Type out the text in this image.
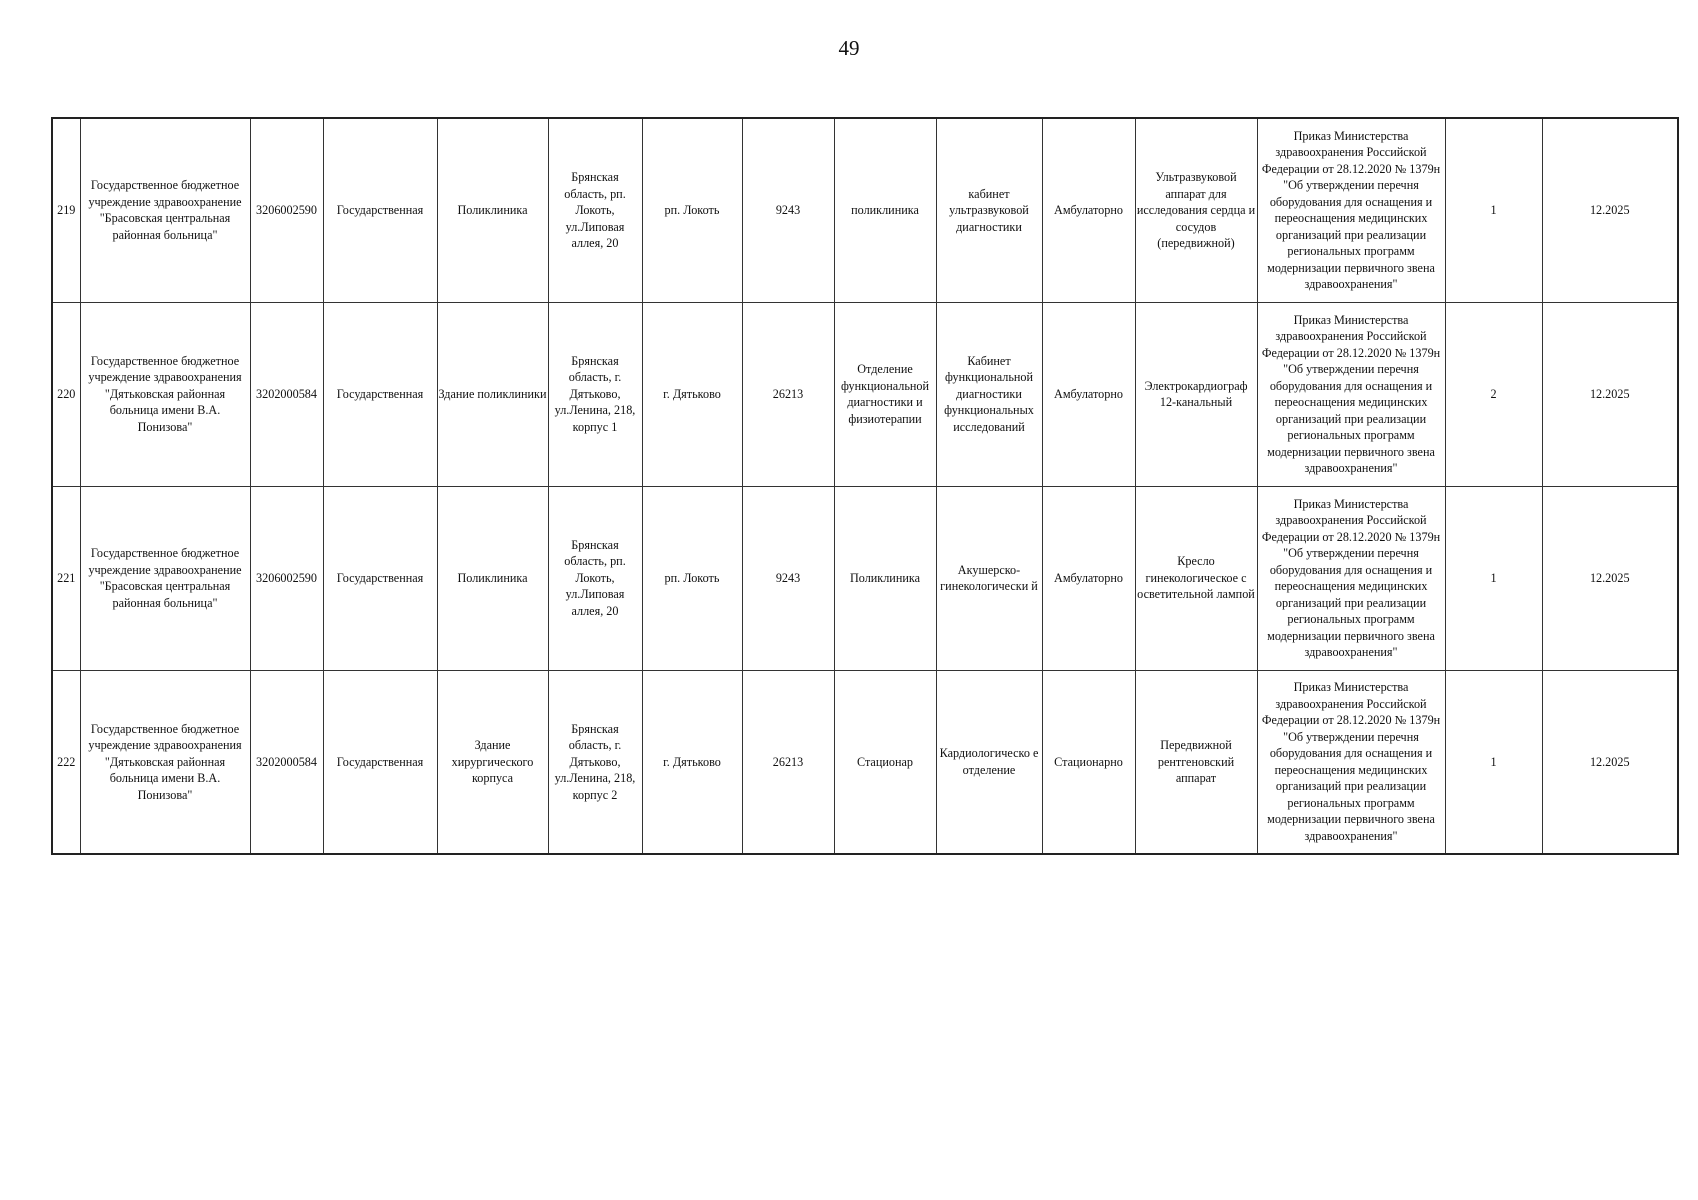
49
219	Государственное бюджетное учреждение здравоохранение "Брасовская центральная районная больница"	3206002590	Государственная	Поликлиника	Брянская область, рп. Локоть, ул.Липовая аллея, 20	рп. Локоть	9243	поликлиника	кабинет ультразвуковой диагностики	Амбулаторно	Ультразвуковой аппарат для исследования сердца и сосудов (передвижной)	Приказ Министерства здравоохранения Российской Федерации от 28.12.2020 № 1379н "Об утверждении перечня оборудования для оснащения и переоснащения медицинских организаций при реализации региональных программ модернизации первичного звена здравоохранения"	1	12.2025
220	Государственное бюджетное учреждение здравоохранения "Дятьковская районная больница имени В.А. Понизова"	3202000584	Государственная	Здание поликлиники	Брянская область, г. Дятьково, ул.Ленина, 218, корпус 1	г. Дятьково	26213	Отделение функциональной диагностики и физиотерапии	Кабинет функциональной диагностики функциональных исследований	Амбулаторно	Электрокардиограф 12-канальный	Приказ Министерства здравоохранения Российской Федерации от 28.12.2020 № 1379н "Об утверждении перечня оборудования для оснащения и переоснащения медицинских организаций при реализации региональных программ модернизации первичного звена здравоохранения"	2	12.2025
221	Государственное бюджетное учреждение здравоохранение "Брасовская центральная районная больница"	3206002590	Государственная	Поликлиника	Брянская область, рп. Локоть, ул.Липовая аллея, 20	рп. Локоть	9243	Поликлиника	Акушерско-гинекологически й	Амбулаторно	Кресло гинекологическое с осветительной лампой	Приказ Министерства здравоохранения Российской Федерации от 28.12.2020 № 1379н "Об утверждении перечня оборудования для оснащения и переоснащения медицинских организаций при реализации региональных программ модернизации первичного звена здравоохранения"	1	12.2025
222	Государственное бюджетное учреждение здравоохранения "Дятьковская районная больница имени В.А. Понизова"	3202000584	Государственная	Здание хирургического корпуса	Брянская область, г. Дятьково, ул.Ленина, 218, корпус 2	г. Дятьково	26213	Стационар	Кардиологическо е отделение	Стационарно	Передвижной рентгеновский аппарат	Приказ Министерства здравоохранения Российской Федерации от 28.12.2020 № 1379н "Об утверждении перечня оборудования для оснащения и переоснащения медицинских организаций при реализации региональных программ модернизации первичного звена здравоохранения"	1	12.2025
